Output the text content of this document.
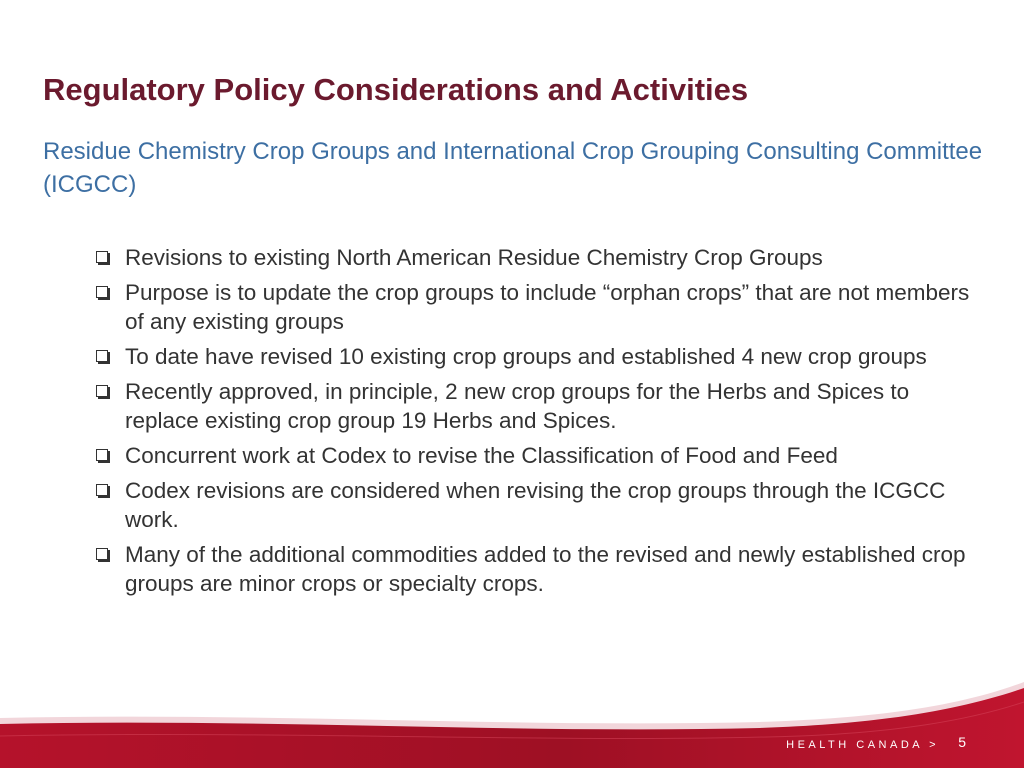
Regulatory Policy Considerations and Activities

Residue Chemistry Crop Groups and International Crop Grouping Consulting Committee (ICGCC)

Revisions to existing North American Residue Chemistry Crop Groups
Purpose is to update the crop groups to include “orphan crops” that are not members of any existing groups
To date have revised 10 existing crop groups and established 4 new crop groups
Recently approved, in principle, 2 new crop groups for the Herbs and Spices to replace existing crop group 19 Herbs and Spices.
Concurrent work at Codex to revise the Classification of Food and Feed
Codex revisions are considered when revising the crop groups through the ICGCC work.
Many of the additional commodities added to the revised and newly established crop groups are minor crops or specialty crops.
HEALTH CANADA > 5
